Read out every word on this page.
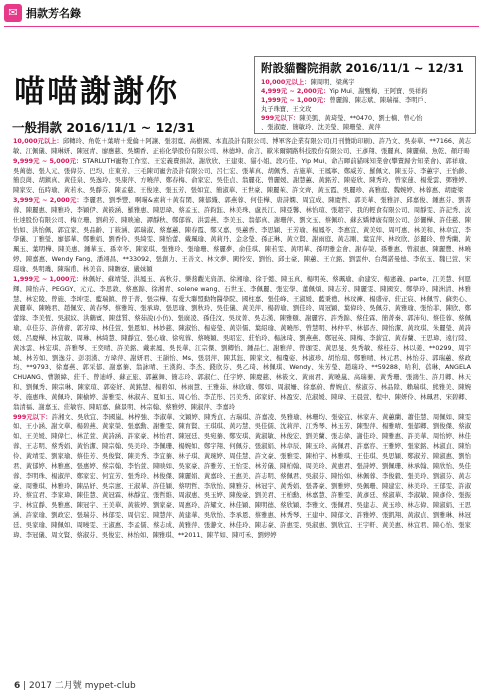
✉ 捐款芳名錄
喵喵謝謝你
附設貓醫院捐款 2016/11/1 ~ 12/31
10,000元以上：陳周明、梁萬宇
4,999元 ~ 2,000元：Yip Mui、謝甄梅、王阿寶、吳祥鈞
1,999元 ~ 1,000元：曾麗錦、陳志斌、陳瑞福、李明戶、
丸子珠寶、王文玫
999元以下：陳美凱、黃琦瑩、**0470、劉士楠、曾心怡
、張淑慶、簡敏玲、沈美瑩、陳珊瑩、黃萍
一般捐款 2016/11/1 ~ 12/31

10,000元以上：邱轉玲、角乾＋葉晴＋愛倫＋阿讓、張羽寬、高樹國、本直設計有限公司、博軍客企業有限公司(月刊贊助印刷)、許乃文、吳泰華、**7166、黃志敏、江佩儀、陳琳妍、陳冠青、廖應慈、吳嫻香、正裕化學股份有限公司、林德坤、俞言、歐米爾網路科技股份有限公司、王彥翔、張麗真、陳麗蘋、魚乾、顏玗暘

9,999元 ~ 5,000元：STARLUTH寵物工作室、王宏義賣捐款、謝欣欣、王建東、貓小姐、段巧佳、Yip Mui、命吉暉前貓咪知業會(攀賣歸舍知業會)、郭祥瑜、吳萬德、張人元、張偉芬、巴均、庄東芳、三毛陳司寵舍設計有限公司、呂仁宏、張華真、胡佩秀、古施華、王鳳寧、鄭威芳、羅佩文、陳玉芬、李蕙宇、王怡齡、簡良崗、胡鎮真、黃佳泉、吳逸玲、吳康萍、方曉萍、鄭春梅、俞家宏、吳佳貞、翁麗花、曾麗媛、謝慧蕙、黃銘芳、陳姿欣、陳秀玲、曾家蓮、楊愛雲、鄧雅婷、陳家安、伍時瑜、黃若永、吳靜芬、陳孟慈、王俊達、張玉芳、張如宜、簡淑華、王世豪、陳麗茱、許文齊、黃玉霞、吳麗珍、高雅庭、魏婉婷、林蓉惠、胡慶梁

3,999元 ~ 2,000元：李麗君、劉季豐、啊喵&素莉＋黃有閑、陳郁織、郭燕蓉、何佳樺、唐詩嫻、周宜成、陳慶哲、郭美華、張雅評、邱嘉俊、鍾惠芬、劉書蓉、陳麗惠、陳雅玲、李穎伊、黃筱涵、羅雅惠、陳思瑋、蔡孟玉、許鈞鈺、林美珠、盧長江、陳亞馨、林怡瑄、張超宇、我的輕食有限公司、周靜雯、許記秀、波仕達股份有限公司、梅立珊、劉莉芳、陳映逾、譚靜秋、鄭郁蓉、洪雲燕、李美玉、翁郁真、謝珊萍、劉文玉、蔡佩玠、蘇玄嬌傳廣有限公司、彭儷樺、許佳慈、陳怡如、洪怡佩、郭宜家、吳品齡、丁筱涵、郭瑞淑、蔡嘉蕙、陳春霞、鄭又嘉、吳蕙香、李思穎、王芳瑜、楊鳳苓、李惠宜、黃美如、周可惠、林美和、林韋宜、李學儀、丁雅瑩、廖郁華、鄭雅娟、劉香伶、吳綺雯、陳怡蕾、戴珮瑜、黃莉丹、金念瑩、孫正琳、黃立賢、謝雨庭、黃志剛、葉宜萍、林玫欣、彭麗玲、曾秀蘭、黃珮玉、葉明樺、陳美惠、鍾華玉、孫幸苓、陳家琪、張雅玲、張瑜珊、蔡麗夢、俞佳琪、陳若雯、黃明華、孫明雅金會、謝春榮、孫雅惠、曾淑惠、陳麗豐、林曉婷、陳嘉惠、Wendy Fang、潘翊昌、**33092、張創力、王善文、林文夢、闕怜安、劉怡、邱士豪、陳蕙、王立銘、劉雲仲、台灣諾曼德、李依玉、魏巳萱、宋璟瑜、吳明璣、陳瑞甫、林美音、陳瞻寮、嚴妹穎

1,999元 ~ 1,000元：林佩好、蘇靖瑩、洪鳳玉、高秋芬、樂蕎觀光資訊、徐湘瑜、徐于懿、陳玉真、楊明英、蔡珮瑜、俞建安、楊憲義、parte、江美慧、何愿輝、陳怡卉、PEGGY、元元、李思敦、蔡惠錦、徐湘青、solene wang、石世玉、李佩麗、張宏學、董佩煩、陳志芳、陳麗雯、陳國安、鄭學玲、陳洲清、林雅慧、林宏陵、曾施、李坤雯、藍瑞鎮、曾于菁、張宗樺、有愛大聯盟動物醫學院、國柱嘉、張佳峰、王淑媛、藍秉禮、林玟褲、楊盛帝、莊正宸、林佩雪、蘇奕心、黃麗華、陳曉君、趙佩安、黃春琴、蔡雅筠、張承瑋、張思瑜、劉秋玲、吳佳儀、黃美萍、楊碧瑜、劉佳玲、周冠穎、葉偉玲、吳佩芬、黃雅瑜、張怡菲、陳欣、鄭蕾緣、李美恆、吳淑紋、洪鶴賓、陳莛質、蔡茹說(小仿)、張廣凌、孫佳汶、吳玟菁、吳志漢、陳雅頤、謝麗容、許秀錦、蔡佳霖、簡菁秦、郭沛旬、蔡佳蓉、蔡佩瑜、卓佳芬、許倩畬、郭芳璋、林佳萱、張恩如、林妙慈、陳淑怡、楊姿瑩、黃崇儒、葉紹瑜、黃曉彤、曾慧明、林仲平、林郁杏、陳怡潔、黃玫琪、朱麗瑩、黃詩媛、呂慶樺、林宜敏、周琳、林綺慧、陳靜宜、張心瑜、徐宛蓉、蔡曉穎、吳昭宏、莊怡玲、楊詠琦、劉燕燕、鄭冠英、陳梅、李薪宜、黃春蘭、王思瑋、遠行陸、黃冰雲、林宏琪、許雅琴、王奕晴、許美銘、戴素鳳、吳長華、江宗傑、劉卿怡、鍾品仁、謝雅萍、曾珈雯、黃思旻、吳秀敏、蔡桂芬、林以姜、**0299、周宇城、林芳如、劉逸芬、彭羽漢、方瑋萍、謝妍君、王韻怡、Ms、張羽萍、陳其鈺、陳家文、楊瓊姿、林淑珍、胡怡瑄、鄭雅晴、林元君、林怡芬、郭瑞蕙、蔡政均、**9793、徐嘉燕、郭采郁、謝嘉蓁、翁詠晴、王漢鈞、李杰、錢欣芬、吳乙琦、林佩琪、Wendy、朱芳瑩、趙瑞玲、**59288、哈利、蓓琳、ANGELA CHUANG、曹顥緯、莊千、曾迪崢、蘇正旅、郭蕙舞、簡志玲、郭淑仁、任宇婷、陳慶慈、林筱文、黃雨君、黃曉嵐、高瑞蓁、黃秀珊、張鴻生、許月卿、林天和、劉佩秀、陳宗琳、陳家瑄、郭姿妤、黃銘慧、楊碧如、林雨慧、王雅茹、林欣瑜、鄭如、周淑姍、徐嘉蔚、曹婉貞、蔡淑芬、林品陞、賴瑞琪、熊雅美、陳婉苓、施惠珠、黃佩玲、陳榆婷、游雅雯、林淑卉、夏如玉、周心怡、李芷彤、呂美秀、邱家妤、林盈安、范淑媛、陳瑋、王晨萱、程中、陳妍伶、林珮君、宋碧卿、翁清福、謝嘉玉、莊敏容、陳昭嘉、蘇景明、林宗翰、蔡雅婷、陳淑萍、李嘉玲

999元以下：許湘文、吳欣宜、李國嵐、林梓強、李淑華、文穎婷、陳秀貞、古瑞琪、許嘉凌、吳雅瑜、林珊均、張姿宜、林家卉、黃蕙蘭、蕭佳慧、周佩如、陳雯如、王小涵、謝文華、楊碧燕、黃家榮、張嘉勳、謝雅雯、陳育賢、王琪琪、黃巧慧、吳佳儒、沈莉萍、江秀琴、林玉芳、陳聖萍、楊雅晴、張郁卿、劉俊傑、蔡淑如、王美媛、陳偉仁、林芷萱、黃詩涵、許家豪、林怡君、陳冠廷、吳宛蓁、鄭安琪、黃淑敏、林俊宏、劉美蘭、張志偉、謝佳玲、陳雅惠、許美華、周怡婷、林佳蓉、王志明、蔡秀娟、黃怡潔、陳宗翰、吳美玲、李佩珊、楊婉如、鄭宇翔、何佩芬、張淑娟、林韋辰、陳玉玲、高佩君、許嘉容、王雅婷、張家銘、林淑貞、陳怡伶、黃靖雯、劉家瑜、蔡佳芳、吳俊賢、陳美秀、李宜蓁、林子琪、黃琬婷、周佳慧、許文豪、張雅雯、陳柏宇、林雅琪、王佳琪、吳思穎、鄭淑芳、陳淑惠、劉怡君、黃郁婷、林雅惠、張惠婷、蔡宗翰、李怡萱、陳映如、吳家豪、許雅芳、王怡雯、林芳儀、陳柏翰、周美玲、黃惠君、張詩婷、劉佩珊、林承翰、陳欣怡、吳佳蓉、李明珠、楊淑萍、鄭家宏、何宜芳、張秀玲、林俊傑、陳麗娟、黃嘉玲、王惠美、許志明、蔡佩君、吳淑芬、陳怡如、林佩蓉、李俊毅、張美玲、劉淑芬、黃志豪、周雅琪、林雅玲、陳品妤、吳宗憲、王淑華、許佳穎、蔡明哲、李欣怡、陳雅芬、林冠宇、黃秀娟、張書豪、劉雅婷、吳佩珊、陳建宏、林美玲、王郁雯、許淑玲、蔡宜君、李家瑋、陳佳慧、黃冠霖、林靜宜、張哲維、周淑惠、吳玉婷、陳俊豪、劉美君、王柏勳、林嘉慧、許雅雯、黃彥廷、蔡淑華、李淑敏、陳彥伶、張振宇、林宜靜、吳雅惠、陳冠宇、王美華、黃筱婷、劉家豪、周惠玲、許耀文、林佳穎、陳明德、蔡欣穎、李雅文、張佩君、吳建志、黃玉珍、林志偉、陳淑娟、王思涵、許家瑜、劉政宏、張瑞芬、林郁雯、周信宏、陳慧萍、黃建華、吳欣怡、李承恩、蔡雅惠、林秀琴、王建中、陳郁文、許雅婷、張凱翔、黃淑貞、劉雅琳、林冠廷、吳家瑜、陳佩如、周曉雯、王淑惠、李孟儒、蔡志成、黃雅萍、張瀞文、林佳玲、陳志豪、許惠雯、吳淑惠、劉欣宜、王宇軒、黃美惠、林宜君、陳心怡、張家瑋、李冠儀、周文賢、蔡淑芬、吳俊宏、林怡如、陳雅琪、**2011、陳芊如、陳可禾、劉婷婷

6 | 2017 二月號 mypet-club
